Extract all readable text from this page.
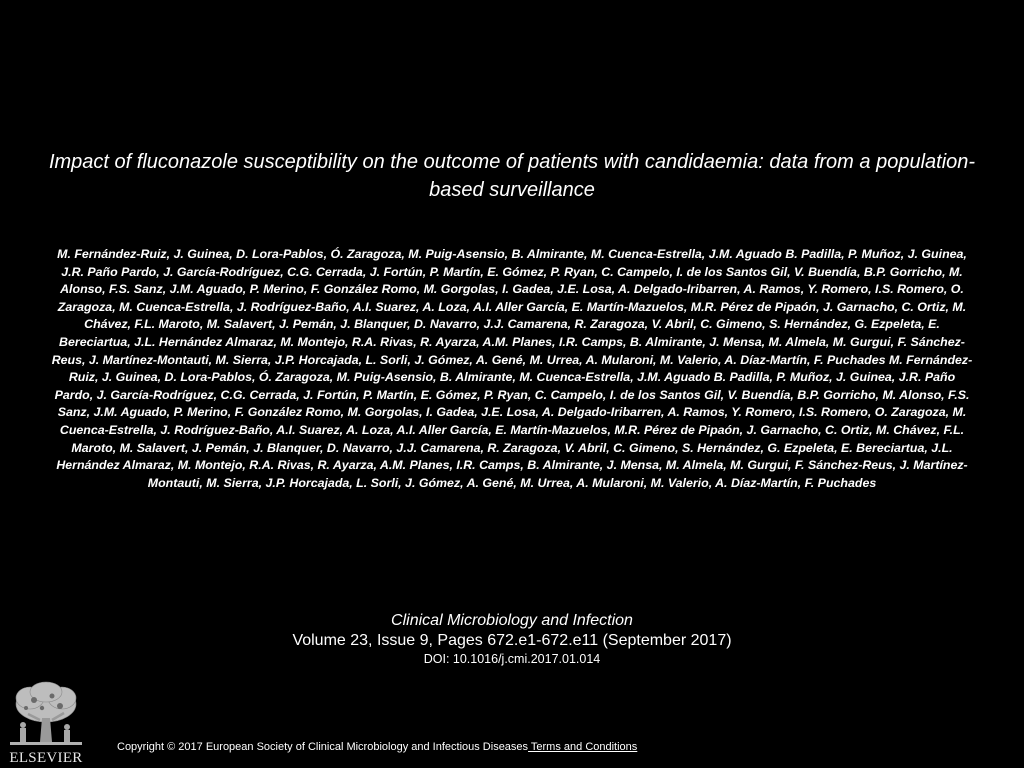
Impact of fluconazole susceptibility on the outcome of patients with candidaemia: data from a population-based surveillance

M. Fernández-Ruiz, J. Guinea, D. Lora-Pablos, Ó. Zaragoza, M. Puig-Asensio, B. Almirante, M. Cuenca-Estrella, J.M. Aguado B. Padilla, P. Muñoz, J. Guinea, J.R. Paño Pardo, J. García-Rodríguez, C.G. Cerrada, J. Fortún, P. Martín, E. Gómez, P. Ryan, C. Campelo, I. de los Santos Gil, V. Buendía, B.P. Gorricho, M. Alonso, F.S. Sanz, J.M. Aguado, P. Merino, F. González Romo, M. Gorgolas, I. Gadea, J.E. Losa, A. Delgado-Iribarren, A. Ramos, Y. Romero, I.S. Romero, O. Zaragoza, M. Cuenca-Estrella, J. Rodríguez-Baño, A.I. Suarez, A. Loza, A.I. Aller García, E. Martín-Mazuelos, M.R. Pérez de Pipaón, J. Garnacho, C. Ortiz, M. Chávez, F.L. Maroto, M. Salavert, J. Pemán, J. Blanquer, D. Navarro, J.J. Camarena, R. Zaragoza, V. Abril, C. Gimeno, S. Hernández, G. Ezpeleta, E. Bereciartua, J.L. Hernández Almaraz, M. Montejo, R.A. Rivas, R. Ayarza, A.M. Planes, I.R. Camps, B. Almirante, J. Mensa, M. Almela, M. Gurgui, F. Sánchez-Reus, J. Martínez-Montauti, M. Sierra, J.P. Horcajada, L. Sorli, J. Gómez, A. Gené, M. Urrea, A. Mularoni, M. Valerio, A. Díaz-Martín, F. Puchades M. Fernández-Ruiz, J. Guinea, D. Lora-Pablos, Ó. Zaragoza, M. Puig-Asensio, B. Almirante, M. Cuenca-Estrella, J.M. Aguado B. Padilla, P. Muñoz, J. Guinea, J.R. Paño Pardo, J. García-Rodríguez, C.G. Cerrada, J. Fortún, P. Martín, E. Gómez, P. Ryan, C. Campelo, I. de los Santos Gil, V. Buendía, B.P. Gorricho, M. Alonso, F.S. Sanz, J.M. Aguado, P. Merino, F. González Romo, M. Gorgolas, I. Gadea, J.E. Losa, A. Delgado-Iribarren, A. Ramos, Y. Romero, I.S. Romero, O. Zaragoza, M. Cuenca-Estrella, J. Rodríguez-Baño, A.I. Suarez, A. Loza, A.I. Aller García, E. Martín-Mazuelos, M.R. Pérez de Pipaón, J. Garnacho, C. Ortiz, M. Chávez, F.L. Maroto, M. Salavert, J. Pemán, J. Blanquer, D. Navarro, J.J. Camarena, R. Zaragoza, V. Abril, C. Gimeno, S. Hernández, G. Ezpeleta, E. Bereciartua, J.L. Hernández Almaraz, M. Montejo, R.A. Rivas, R. Ayarza, A.M. Planes, I.R. Camps, B. Almirante, J. Mensa, M. Almela, M. Gurgui, F. Sánchez-Reus, J. Martínez-Montauti, M. Sierra, J.P. Horcajada, L. Sorli, J. Gómez, A. Gené, M. Urrea, A. Mularoni, M. Valerio, A. Díaz-Martín, F. Puchades

Clinical Microbiology and Infection

Volume 23, Issue 9, Pages 672.e1-672.e11 (September 2017)

DOI: 10.1016/j.cmi.2017.01.014

ELSEVIER

Copyright © 2017 European Society of Clinical Microbiology and Infectious Diseases Terms and Conditions
